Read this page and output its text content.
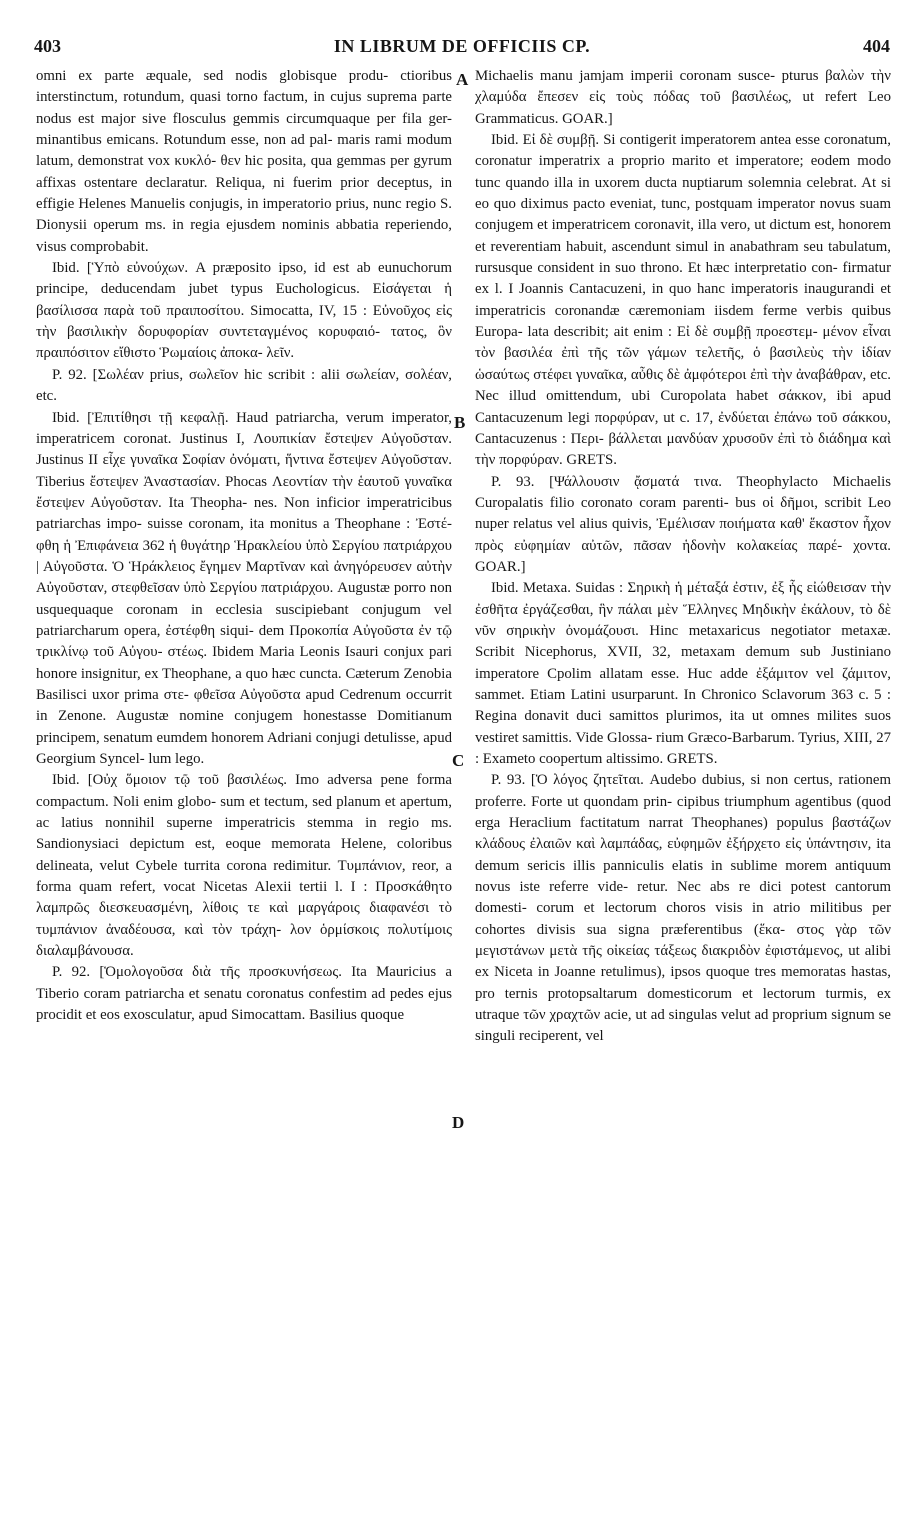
403	IN LIBRUM DE OFFICIIS CP.	404
A
B
C
D

omni ex parte æquale, sed nodis globisque produ- ctioribus interstinctum, rotundum, quasi torno factum, in cujus suprema parte nodus est major sive flosculus gemmis circumquaque per fila ger- minantibus emicans. Rotundum esse, non ad pal- maris rami modum latum, demonstrat vox κυκλό- θεν hic posita, qua gemmas per gyrum affixas ostentare declaratur. Reliqua, ni fuerim prior deceptus, in effigie Helenes Manuelis conjugis, in imperatorio prius, nunc regio S. Dionysii operum ms. in regia ejusdem nominis abbatia reperiendo, visus comprobabit.

Ibid. [Ὑπὸ εὐνούχων. A præposito ipso, id est ab eunuchorum principe, deducendam jubet typus Euchologicus. Εἰσάγεται ἡ βασίλισσα παρὰ τοῦ πραιποσίτου. Simocatta, IV, 15 : Εὐνοῦχος εἰς τὴν βασιλικὴν δορυφορίαν συντεταγμένος κορυφαιό- τατος, ὃν πραιπόσιτον εἴθιστο Ῥωμαίοις ἀποκα- λεῖν.

P. 92. [Σωλέαν prius, σωλεῖον hic scribit : alii σωλείαν, σολέαν, etc.

Ibid. [Ἐπιτίθησι τῇ κεφαλῇ. Haud patriarcha, verum imperator, imperatricem coronat. Justinus I, Λουπικίαν ἔστεψεν Αὐγοῦσταν. Justinus II εἶχε γυναῖκα Σοφίαν ὀνόματι, ἥντινα ἔστεψεν Αὐγοῦσταν. Tiberius ἔστεψεν Ἀναστασίαν. Phocas Λεοντίαν τὴν ἑαυτοῦ γυναῖκα ἔστεψεν Αὐγοῦσταν. Ita Theopha- nes. Non inficior imperatricibus patriarchas impo- suisse coronam, ita monitus a Theophane : Ἐστέ- φθη ἡ Ἐπιφάνεια 362 ἡ θυγάτηρ Ἡρακλείου ὑπὸ Σεργίου πατριάρχου | Αὐγοῦστα. Ὁ Ἡράκλειος ἔγημεν Μαρτῖναν καὶ ἀνηγόρευσεν αὐτὴν Αὐγοῦσταν, στεφθεῖσαν ὑπὸ Σεργίου πατριάρχου. Augustæ porro non usquequaque coronam in ecclesia suscipiebant conjugum vel patriarcharum opera, ἐστέφθη siqui- dem Προκοπία Αὐγοῦστα ἐν τῷ τρικλίνῳ τοῦ Αὐγου- στέως. Ibidem Maria Leonis Isauri conjux pari honore insignitur, ex Theophane, a quo hæc cuncta. Cæterum Zenobia Basilisci uxor prima στε- φθεῖσα Αὐγοῦστα apud Cedrenum occurrit in Zenone. Augustæ nomine conjugem honestasse Domitianum principem, senatum eumdem honorem Adriani conjugi detulisse, apud Georgium Syncel- lum lego.

Ibid. [Οὐχ ὅμοιον τῷ τοῦ βασιλέως. Imo adversa pene forma compactum. Noli enim globo- sum et tectum, sed planum et apertum, ac latius nonnihil superne imperatricis stemma in regio ms. Sandionysiaci depictum est, eoque memorata Helene, coloribus delineata, velut Cybele turrita corona redimitur. Τυμπάνιον, reor, a forma quam refert, vocat Nicetas Alexii tertii l. I : Προσκάθητο λαμπρῶς διεσκευασμένη, λίθοις τε καὶ μαργάροις διαφανέσι τὸ τυμπάνιον ἀναδέουσα, καὶ τὸν τράχη- λον ὁρμίσκοις πολυτίμοις διαλαμβάνουσα.

P. 92. [Ὁμολογοῦσα διὰ τῆς προσκυνήσεως. Ita Mauricius a Tiberio coram patriarcha et senatu coronatus confestim ad pedes ejus procidit et eos exosculatur, apud Simocattam. Basilius quoque

Michaelis manu jamjam imperii coronam susce- pturus βαλὼν τὴν χλαμύδα ἔπεσεν εἰς τοὺς πόδας τοῦ βασιλέως, ut refert Leo Grammaticus. GOAR.]

Ibid. Εἰ δὲ συμβῇ. Si contigerit imperatorem antea esse coronatum, coronatur imperatrix a proprio marito et imperatore; eodem modo tunc quando illa in uxorem ducta nuptiarum solemnia celebrat. At si eo quo diximus pacto eveniat, tunc, postquam imperator novus suam conjugem et imperatricem coronavit, illa vero, ut dictum est, honorem et reverentiam habuit, ascendunt simul in anabathram seu tabulatum, rursusque consident in suo throno. Et hæc interpretatio con- firmatur ex l. I Joannis Cantacuzeni, in quo hanc imperatoris inaugurandi et imperatricis coronandæ cæremoniam iisdem ferme verbis quibus Europa- lata describit; ait enim : Εἰ δὲ συμβῇ προεστεμ- μένον εἶναι τὸν βασιλέα ἐπὶ τῆς τῶν γάμων τελετῆς, ὁ βασιλεὺς τὴν ἰδίαν ὡσαύτως στέφει γυναῖκα, αὖθις δὲ ἀμφότεροι ἐπὶ τὴν ἀναβάθραν, etc. Nec illud omittendum, ubi Curopolata habet σάκκον, ibi apud Cantacuzenum legi πορφύραν, ut c. 17, ἐνδύεται ἐπάνω τοῦ σάκκου, Cantacuzenus : Περι- βάλλεται μανδύαν χρυσοῦν ἐπὶ τὸ διάδημα καὶ τὴν πορφύραν. GRETS.

P. 93. [Ψάλλουσιν ᾄσματά τινα. Theophylacto Michaelis Curopalatis filio coronato coram parenti- bus οἱ δῆμοι, scribit Leo nuper relatus vel alius quivis, Ἐμέλισαν ποιήματα καθ' ἕκαστον ἦχον πρὸς εὐφημίαν αὐτῶν, πᾶσαν ἡδονὴν κολακείας παρέ- χοντα. GOAR.]

Ibid. Metaxa. Suidas : Σηρικὴ ἡ μέταξά ἐστιν, ἐξ ἧς εἰώθεισαν τὴν ἐσθῆτα ἐργάζεσθαι, ἣν πάλαι μὲν Ἕλληνες Μηδικὴν ἐκάλουν, τὸ δὲ νῦν σηρικὴν ὀνομάζουσι. Hinc metaxaricus negotiator metaxæ. Scribit Nicephorus, XVII, 32, metaxam demum sub Justiniano imperatore Cpolim allatam esse. Huc adde ἐξάμιτον vel ζάμιτον, sammet. Etiam Latini usurparunt. In Chronico Sclavorum 363 c. 5 : Regina donavit duci samittos plurimos, ita ut omnes milites suos vestiret samittis. Vide Glossa- rium Græco-Barbarum. Tyrius, XIII, 27 : Exameto coopertum altissimo. GRETS.

P. 93. [Ὁ λόγος ζητεῖται. Audebo dubius, si non certus, rationem proferre. Forte ut quondam prin- cipibus triumphum agentibus (quod erga Heraclium factitatum narrat Theophanes) populus βαστάζων κλάδους ἐλαιῶν καὶ λαμπάδας, εὐφημῶν ἐξήρχετο εἰς ὑπάντησιν, ita demum sericis illis panniculis elatis in sublime morem antiquum novus iste referre vide- retur. Nec abs re dici potest cantorum domesti- corum et lectorum choros visis in atrio militibus per cohortes divisis sua signa præferentibus (ἕκα- στος γὰρ τῶν μεγιστάνων μετὰ τῆς οἰκείας τάξεως διακριδὸν ἐφιστάμενος, ut alibi ex Niceta in Joanne retulimus), ipsos quoque tres memoratas hastas, pro ternis protopsaltarum domesticorum et lectorum turmis, ex utraque τῶν χραχτῶν acie, ut ad singulas velut ad proprium signum se singuli reciperent, vel
